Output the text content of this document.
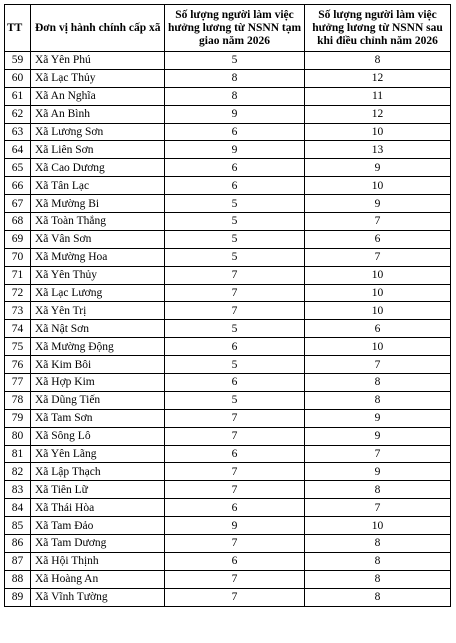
TT	Đơn vị hành chính cấp xã	Số lượng người làm việc hưởng lương từ NSNN tạm giao năm 2026	Số lượng người làm việc hưởng lương từ NSNN sau khi điều chỉnh năm 2026
59	Xã Yên Phú	5	8
60	Xã Lạc Thủy	8	12
61	Xã An Nghĩa	8	11
62	Xã An Bình	9	12
63	Xã Lương Sơn	6	10
64	Xã Liên Sơn	9	13
65	Xã Cao Dương	6	9
66	Xã Tân Lạc	6	10
67	Xã Mường Bi	5	9
68	Xã Toàn Thắng	5	7
69	Xã Vân Sơn	5	6
70	Xã Mường Hoa	5	7
71	Xã Yên Thủy	7	10
72	Xã Lạc Lương	7	10
73	Xã Yên Trị	7	10
74	Xã Nật Sơn	5	6
75	Xã Mường Động	6	10
76	Xã Kim Bôi	5	7
77	Xã Hợp Kim	6	8
78	Xã Dũng Tiến	5	8
79	Xã Tam Sơn	7	9
80	Xã Sông Lô	7	9
81	Xã Yên Lãng	6	7
82	Xã Lập Thạch	7	9
83	Xã Tiên Lữ	7	8
84	Xã Thái Hòa	6	7
85	Xã Tam Đảo	9	10
86	Xã Tam Dương	7	8
87	Xã Hội Thịnh	6	8
88	Xã Hoàng An	7	8
89	Xã Vĩnh Tường	7	8
